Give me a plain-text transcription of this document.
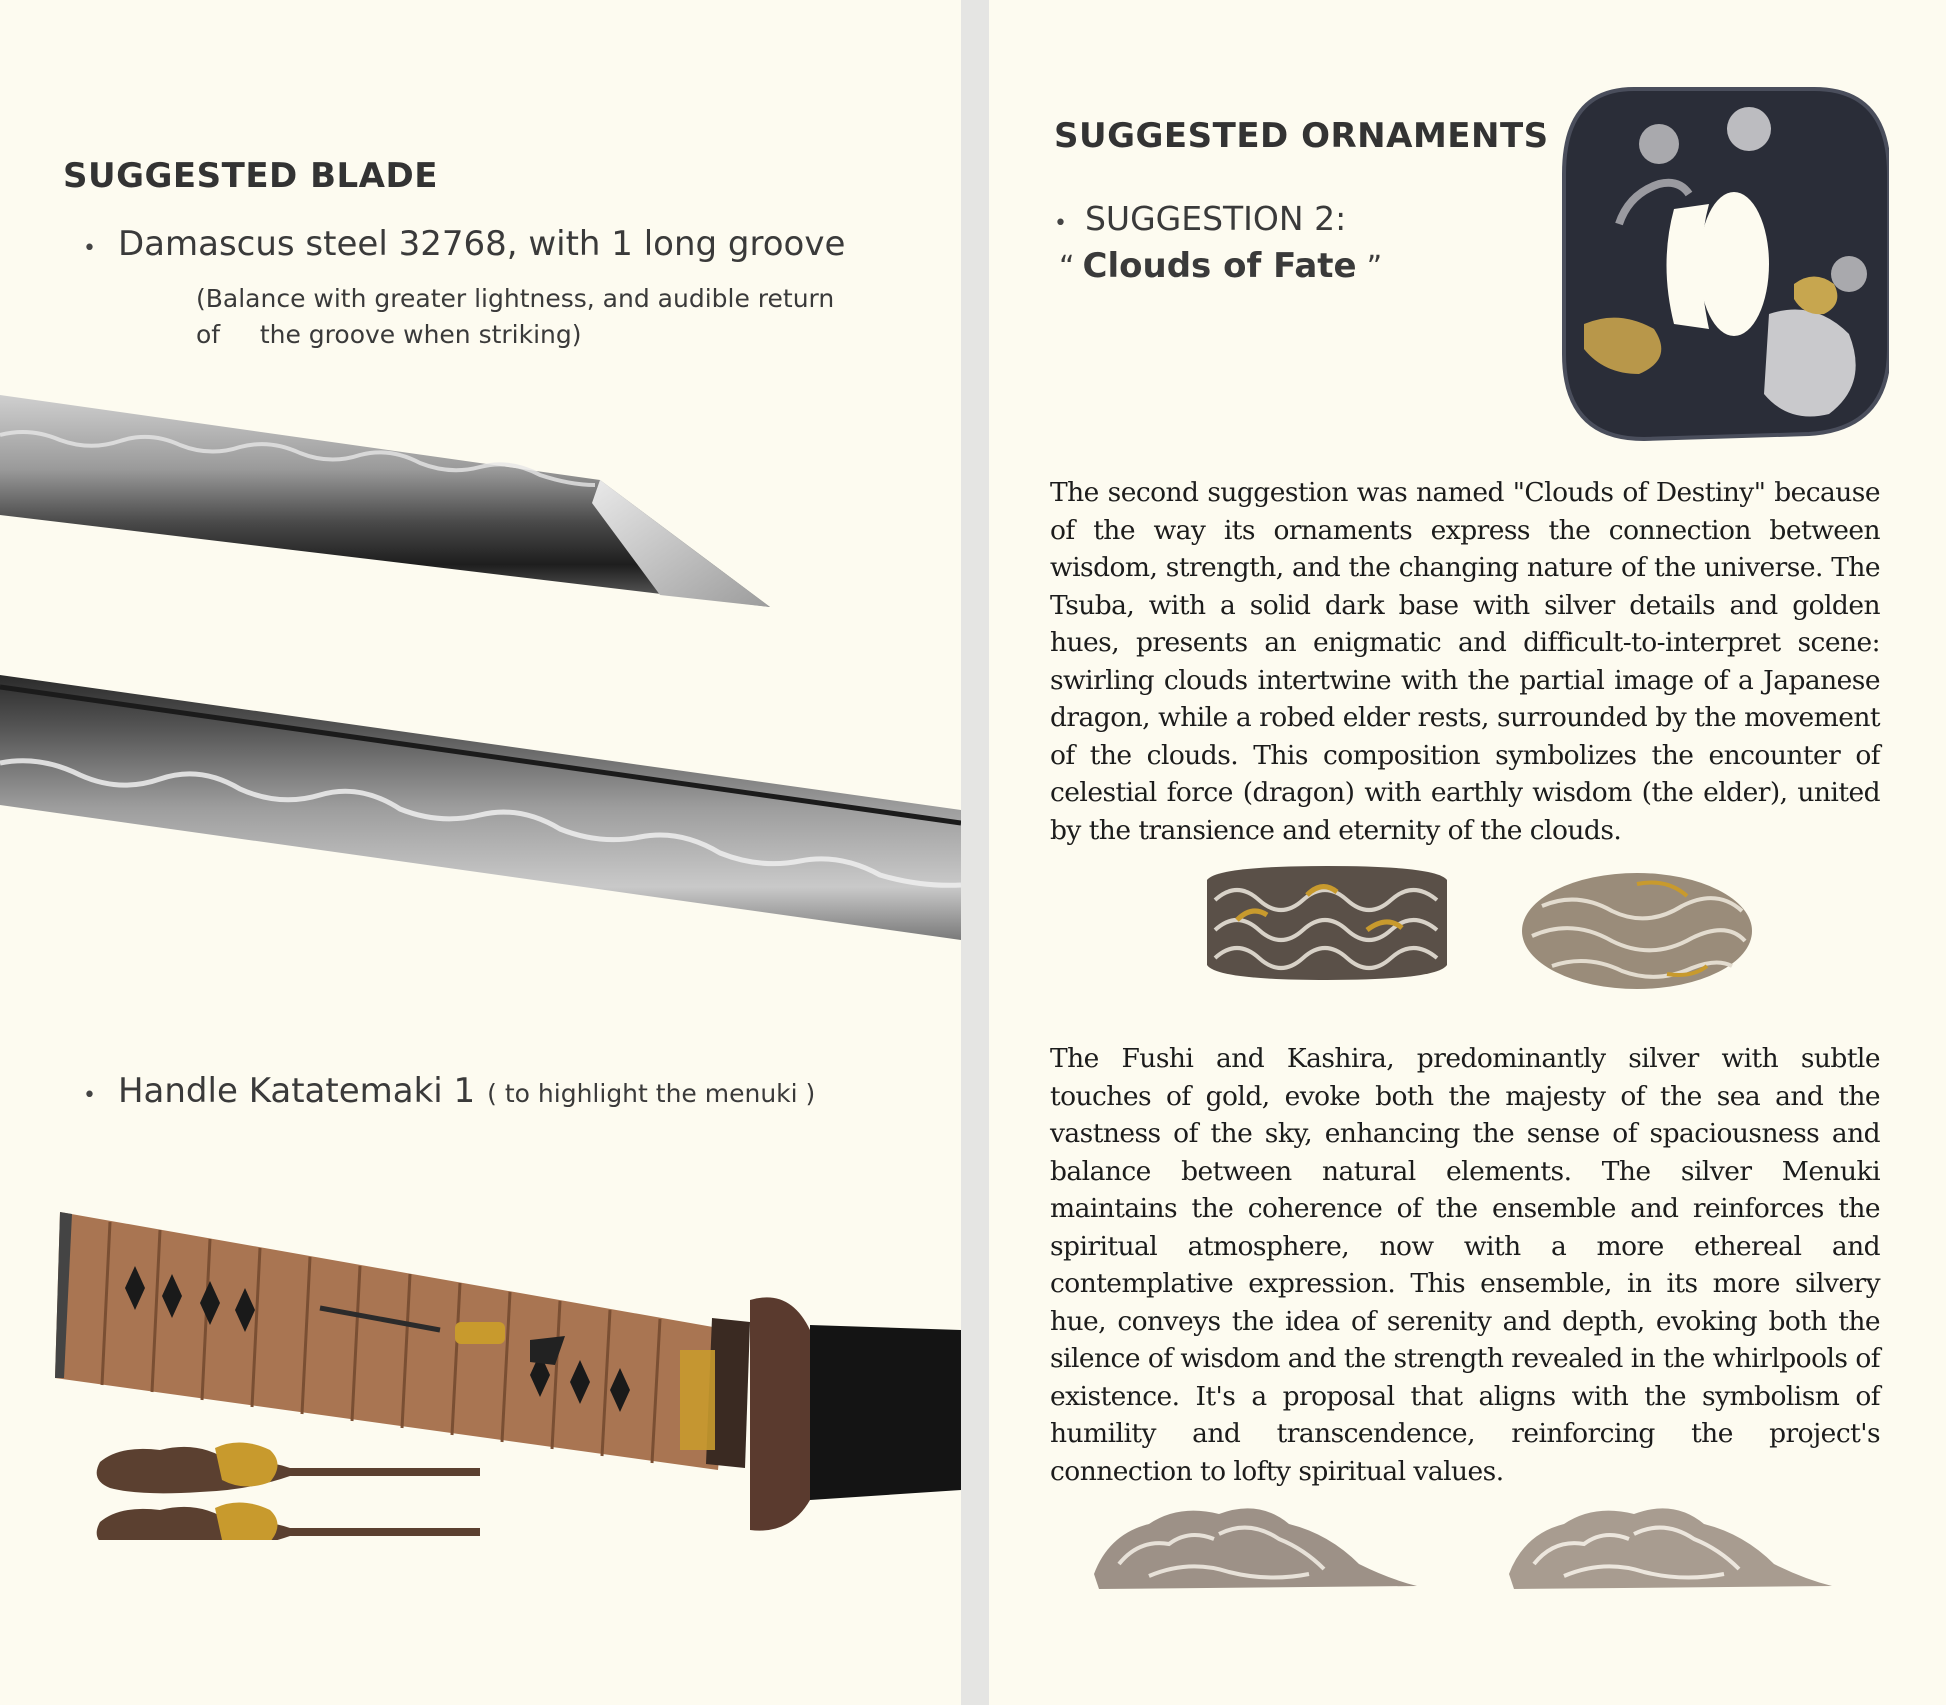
SUGGESTED BLADE
• Damascus steel 32768, with 1 long groove
(Balance with greater lightness, and audible return
of     the groove when striking)
• Handle Katatemaki 1 ( to highlight the menuki )
SUGGESTED ORNAMENTS
• SUGGESTION 2:
“ Clouds of Fate ”

The second suggestion was named "Clouds of Destiny" because of the way its ornaments express the connection between wisdom, strength, and the changing nature of the universe. The Tsuba, with a solid dark base with silver details and golden hues, presents an enigmatic and difficult-to-interpret scene: swirling clouds intertwine with the partial image of a Japanese dragon, while a robed elder rests, surrounded by the movement of the clouds. This composition symbolizes the encounter of celestial force (dragon) with earthly wisdom (the elder), united by the transience and eternity of the clouds.

The Fushi and Kashira, predominantly silver with subtle touches of gold, evoke both the majesty of the sea and the vastness of the sky, enhancing the sense of spaciousness and balance between natural elements. The silver Menuki maintains the coherence of the ensemble and reinforces the spiritual atmosphere, now with a more ethereal and contemplative expression. This ensemble, in its more silvery hue, conveys the idea of serenity and depth, evoking both the silence of wisdom and the strength revealed in the whirlpools of existence. It's a proposal that aligns with the symbolism of humility and transcendence, reinforcing the project's connection to lofty spiritual values.
